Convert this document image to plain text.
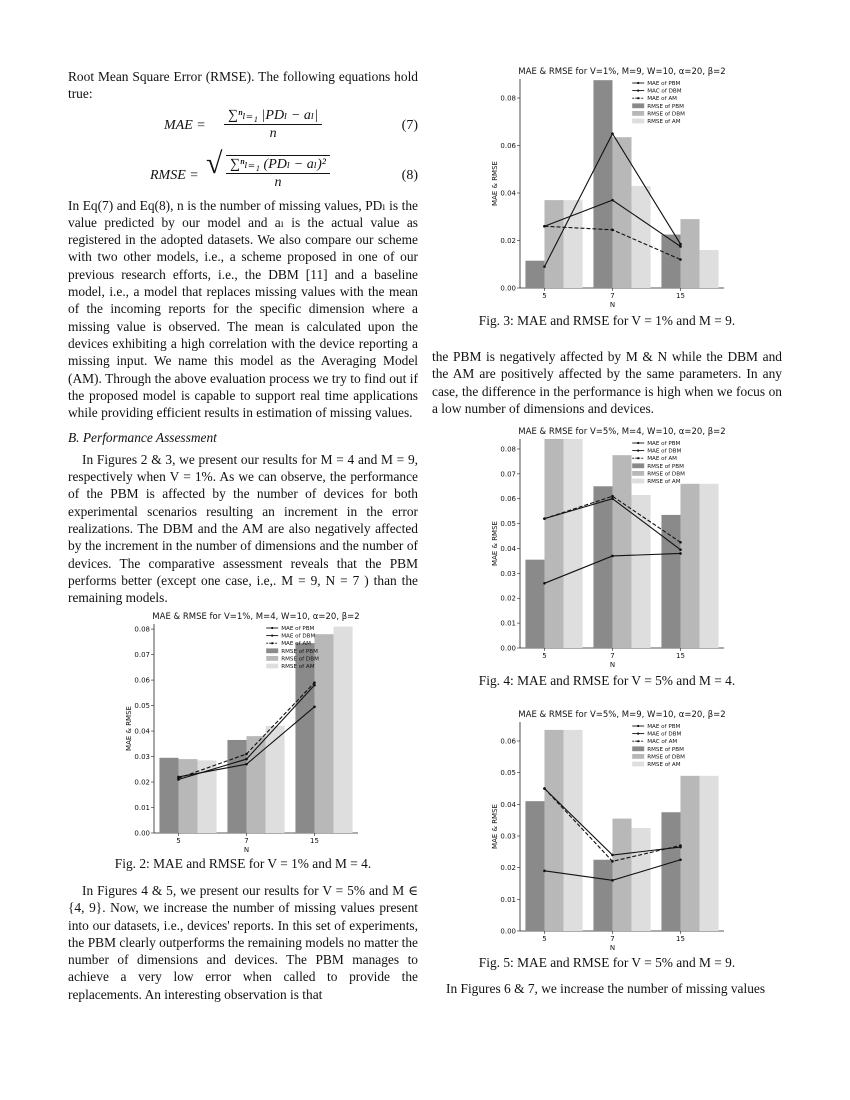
Root Mean Square Error (RMSE). The following equations hold true:

MAE =
∑ⁿₗ₌₁ |PDₗ − aₗ|
n
(7)
RMSE = √ ∑ⁿₗ₌₁ (PDₗ − aₗ)²
n	(8)

In Eq(7) and Eq(8), n is the number of missing values, PDₗ is the value predicted by our model and aₗ is the actual value as registered in the adopted datasets. We also compare our scheme with two other models, i.e., a scheme proposed in one of our previous research efforts, i.e., the DBM [11] and a baseline model, i.e., a model that replaces missing values with the mean of the incoming reports for the specific dimension where a missing value is observed. The mean is calculated upon the devices exhibiting a high correlation with the device reporting a missing input. We name this model as the Averaging Model (AM). Through the above evaluation process we try to find out if the proposed model is capable to support real time applications while providing efficient results in estimation of missing values.

B. Performance Assessment

In Figures 2 & 3, we present our results for M = 4 and M = 9, respectively when V = 1%. As we can observe, the performance of the PBM is affected by the number of devices for both experimental scenarios resulting an increment in the error realizations. The DBM and the AM are also negatively affected by the increment in the number of dimensions and the number of devices. The comparative assessment reveals that the PBM performs better (except one case, i.e,. M = 9, N = 7 ) than the remaining models.

MAE & RMSE for V=1%, M=4, W=10, α=20, β=2
0.00
0.01
0.02
0.03
0.04
0.05
0.06
0.07
0.08
MAE & RMSE
5	7	15
N
MAE of PBM
MAE of DBM
MAE of AM
RMSE of PBM
RMSE of DBM
RMSE of AM
Fig. 2: MAE and RMSE for V = 1% and M = 4.

In Figures 4 & 5, we present our results for V = 5% and M ∈ {4, 9}. Now, we increase the number of missing values present into our datasets, i.e., devices' reports. In this set of experiments, the PBM clearly outperforms the remaining models no matter the number of dimensions and devices. The PBM manages to achieve a very low error when called to provide the replacements. An interesting observation is that

MAE & RMSE for V=1%, M=9, W=10, α=20, β=2
0.00
0.02
0.04
0.06
0.08
MAE & RMSE
5	7	15
N
MAE of PBM
MAC of DBM
MAE of AM
RMSE of PBM
RMSE of DBM
RMSE of AM
Fig. 3: MAE and RMSE for V = 1% and M = 9.

the PBM is negatively affected by M & N while the DBM and the AM are positively affected by the same parameters. In any case, the difference in the performance is high when we focus on a low number of dimensions and devices.

MAE & RMSE for V=5%, M=4, W=10, α=20, β=2
0.00
0.01
0.02
0.03
0.04
0.05
0.06
0.07
0.08
MAE & RMSE
5	7	15
N
MAE of PBM
MAE of DBM
MAE of AM
RMSE of PBM
RMSE of DBM
RMSE of AM
Fig. 4: MAE and RMSE for V = 5% and M = 4.
MAE & RMSE for V=5%, M=9, W=10, α=20, β=2
0.00
0.01
0.02
0.03
0.04
0.05
0.06
MAE & RMSE
5	7	15
N
MAE of PBM
MAE of DBM
MAC of AM
RMSE of PBM
RMSE of DBM
RMSE of AM
Fig. 5: MAE and RMSE for V = 5% and M = 9.

In Figures 6 & 7, we increase the number of missing values
